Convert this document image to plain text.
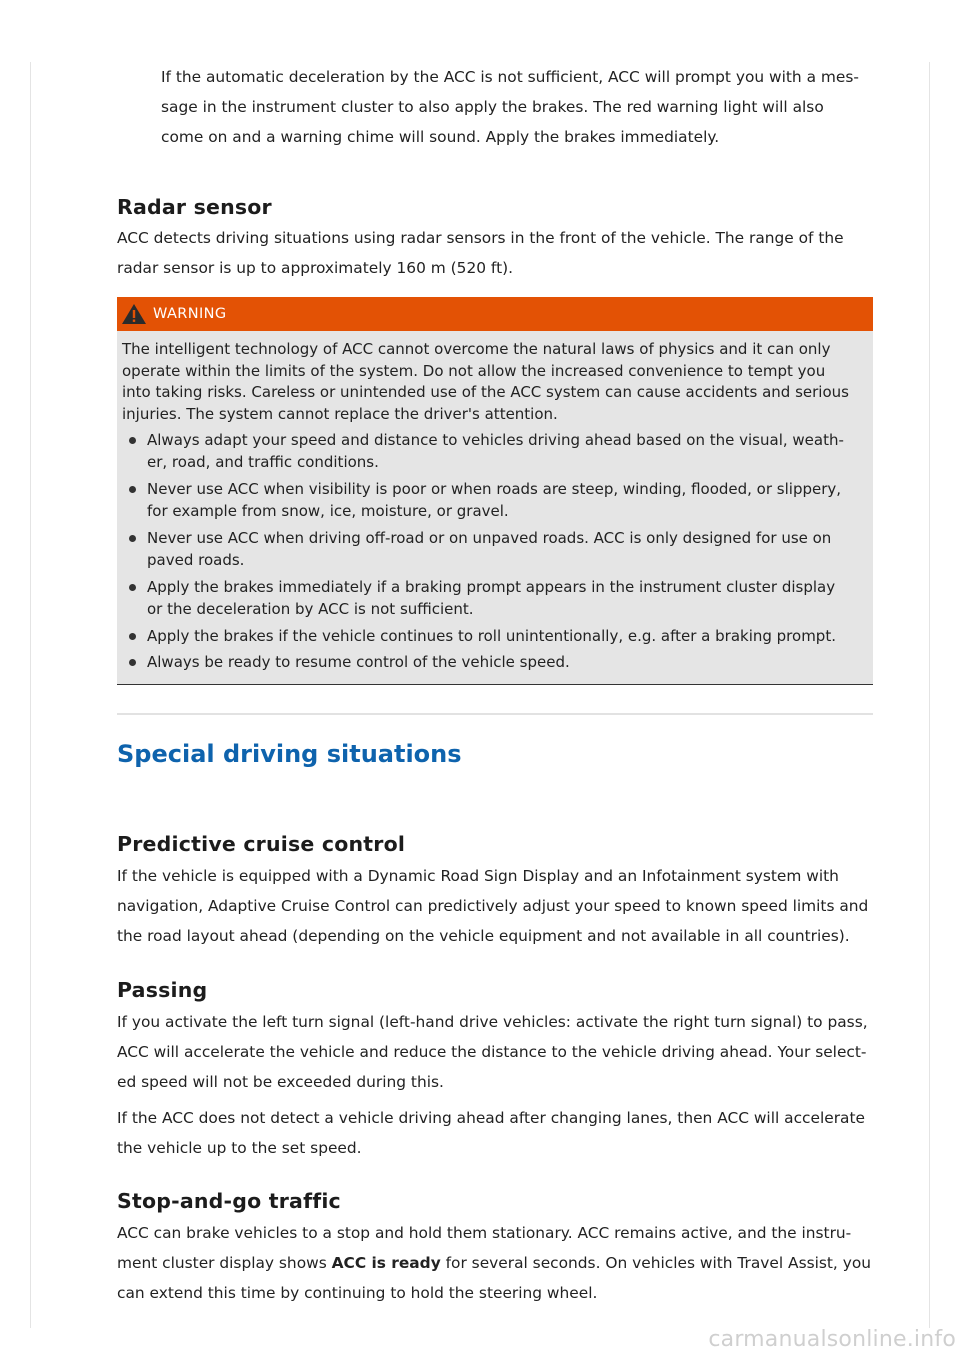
If the automatic deceleration by the ACC is not sufficient, ACC will prompt you with a mes-
sage in the instrument cluster to also apply the brakes. The red warning light will also
come on and a warning chime will sound. Apply the brakes immediately.

Radar sensor

ACC detects driving situations using radar sensors in the front of the vehicle. The range of the
radar sensor is up to approximately 160 m (520 ft).

WARNING

The intelligent technology of ACC cannot overcome the natural laws of physics and it can only
operate within the limits of the system. Do not allow the increased convenience to tempt you
into taking risks. Careless or unintended use of the ACC system can cause accidents and serious
injuries. The system cannot replace the driver's attention.

Always adapt your speed and distance to vehicles driving ahead based on the visual, weath-
er, road, and traffic conditions.
Never use ACC when visibility is poor or when roads are steep, winding, flooded, or slippery,
for example from snow, ice, moisture, or gravel.
Never use ACC when driving off-road or on unpaved roads. ACC is only designed for use on
paved roads.
Apply the brakes immediately if a braking prompt appears in the instrument cluster display
or the deceleration by ACC is not sufficient.
Apply the brakes if the vehicle continues to roll unintentionally, e.g. after a braking prompt.
Always be ready to resume control of the vehicle speed.
Special driving situations
Predictive cruise control

If the vehicle is equipped with a Dynamic Road Sign Display and an Infotainment system with
navigation, Adaptive Cruise Control can predictively adjust your speed to known speed limits and
the road layout ahead (depending on the vehicle equipment and not available in all countries).

Passing

If you activate the left turn signal (left-hand drive vehicles: activate the right turn signal) to pass,
ACC will accelerate the vehicle and reduce the distance to the vehicle driving ahead. Your select-
ed speed will not be exceeded during this.

If the ACC does not detect a vehicle driving ahead after changing lanes, then ACC will accelerate
the vehicle up to the set speed.

Stop-and-go traffic

ACC can brake vehicles to a stop and hold them stationary. ACC remains active, and the instru-
ment cluster display shows ACC is ready for several seconds. On vehicles with Travel Assist, you
can extend this time by continuing to hold the steering wheel.

carmanualsonline.info
